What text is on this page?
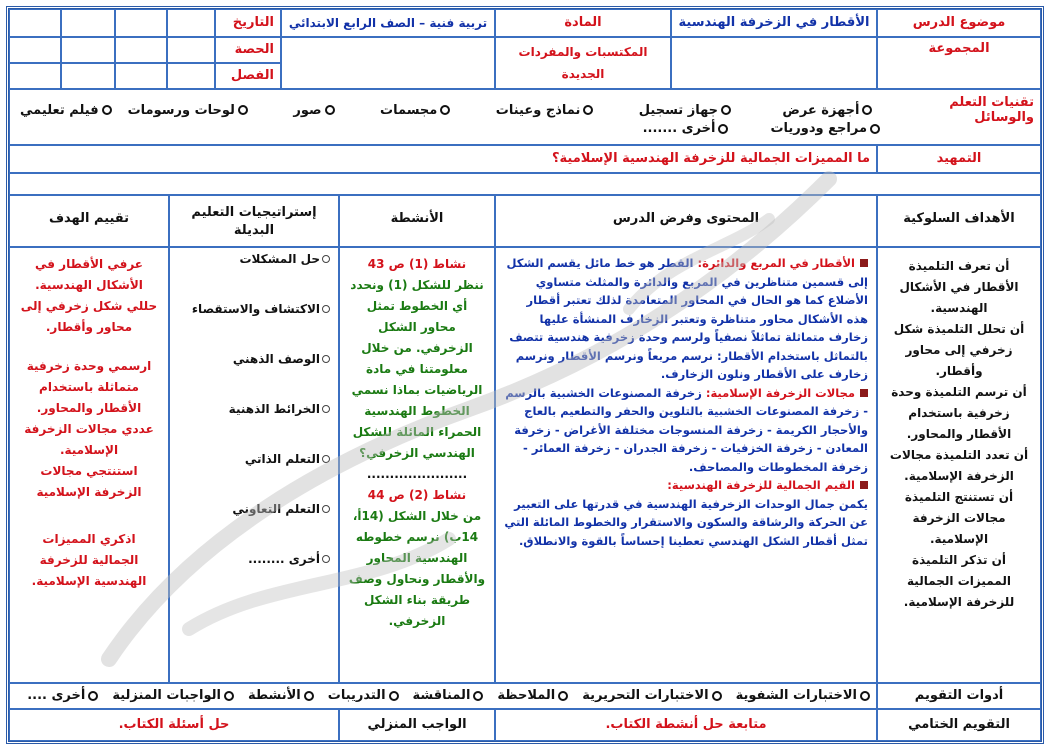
موضوع الدرس
الأقطار في الزخرفة الهندسية
المادة
تربية فنية – الصف الرابع الابتدائي
التاريخ
المجموعة
المكتسبات والمفردات الجديدة
الحصة
الفصل
تقنيات التعلم والوسائل
أجهزة عرض
جهاز تسجيل
نماذج وعينات
مجسمات
صور
لوحات ورسومات
فيلم تعليمي
مراجع ودوريات
أخرى .......
التمهيد
ما المميزات الجمالية للزخرفة الهندسية الإسلامية؟
الأهداف السلوكية
المحتوى وفرض الدرس
الأنشطة
إستراتيجيات التعليم البديلة
تقييم الهدف
أن تعرف التلميذة الأقطار في الأشكال الهندسية.
أن تحلل التلميذة شكل زخرفي إلى محاور وأقطار.
أن ترسم التلميذة وحدة زخرفية باستخدام الأقطار والمحاور.
أن تعدد التلميذة مجالات الزخرفة الإسلامية.
أن تستنتج التلميذة مجالات الزخرفة الإسلامية.
أن تذكر التلميذة المميزات الجمالية للزخرفة الإسلامية.
الأقطار في المربع والدائرة: القطر هو خط مائل يقسم الشكل إلى قسمين متناظرين في المربع والدائرة والمثلث متساوي الأضلاع كما هو الحال في المحاور المتعامدة لذلك تعتبر أقطار هذه الأشكال محاور متناظرة وتعتبر الزخارف المنشأة عليها زخارف متماثلة تماثلاً نصفياً ولرسم وحدة زخرفية هندسية تتصف بالتماثل باستخدام الأقطار: نرسم مربعاً ونرسم الأقطار ونرسم زخارف على الأقطار ونلون الزخارف.
مجالات الزخرفة الإسلامية: زخرفة المصنوعات الخشبية بالرسم - زخرفة المصنوعات الخشبية بالتلوين والحفر والتطعيم بالعاج والأحجار الكريمة - زخرفة المنسوجات مختلفة الأغراض - زخرفة المعادن - زخرفة الخزفيات - زخرفة الجدران - زخرفة العمائر - زخرفة المخطوطات والمصاحف.
القيم الجمالية للزخرفة الهندسية:
يكمن جمال الوحدات الزخرفية الهندسية في قدرتها على التعبير عن الحركة والرشاقة والسكون والاستقرار والخطوط المائلة التي تمثل أقطار الشكل الهندسي تعطينا إحساساً بالقوة والانطلاق.
نشاط (1) ص 43
ننظر للشكل (1) ونحدد أي الخطوط تمثل محاور الشكل الزخرفي. من خلال معلومتنا في مادة الرياضيات بماذا نسمي الخطوط الهندسية الحمراء المائلة للشكل الهندسي الزخرفي؟
......................
نشاط (2) ص 44
من خلال الشكل (14أ، 14ب) نرسم خطوطه الهندسية المحاور والأقطار ونحاول وصف طريقة بناء الشكل الزخرفي.
حل المشكلات
الاكتشاف والاستقصاء
الوصف الذهني
الخرائط الذهنية
التعلم الذاتي
التعلم التعاوني
أخرى ........
عرفي الأقطار في الأشكال الهندسية.
حللي شكل زخرفي إلى محاور وأقطار.
ارسمي وحدة زخرفية متماثلة باستخدام الأقطار والمحاور.
عددي مجالات الزخرفة الإسلامية.
استنتجي مجالات الزخرفة الإسلامية
اذكري المميزات الجمالية للزخرفة الهندسية الإسلامية.
أدوات التقويم
الاختبارات الشفوية
الاختبارات التحريرية
الملاحظة
المناقشة
التدريبات
الأنشطة
الواجبات المنزلية
أخرى ....
التقويم الختامي
متابعة حل أنشطة الكتاب.
الواجب المنزلي
حل أسئلة الكتاب.
